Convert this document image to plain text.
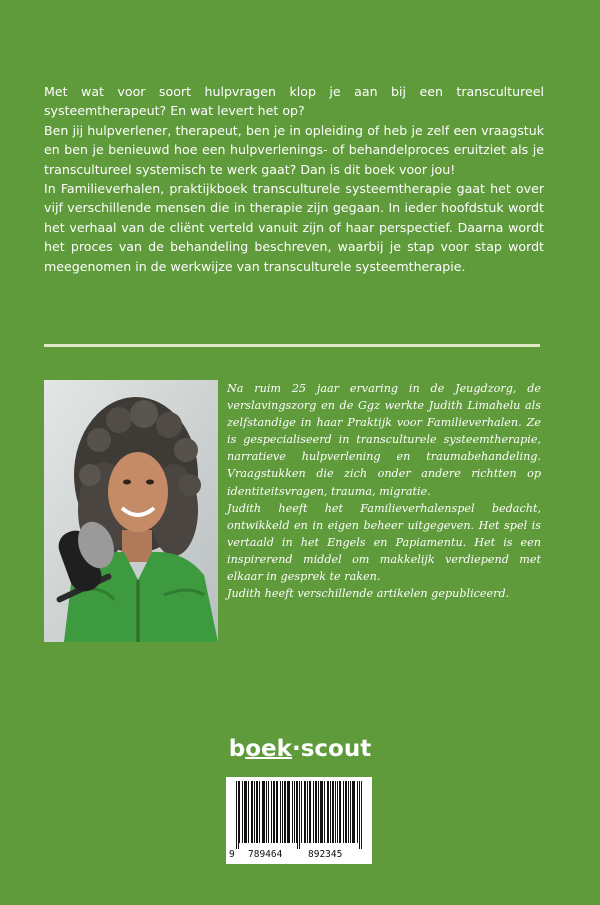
Met wat voor soort hulpvragen klop je aan bij een transcultureel systeemtherapeut? En wat levert het op?

Ben jij hulpverlener, therapeut, ben je in opleiding of heb je zelf een vraagstuk en ben je benieuwd hoe een hulpverlenings- of behandelproces eruitziet als je transcultureel systemisch te werk gaat? Dan is dit boek voor jou!

In Familieverhalen, praktijkboek transculturele systeemtherapie gaat het over vijf verschillende mensen die in therapie zijn gegaan. In ieder hoofdstuk wordt het verhaal van de cliënt verteld vanuit zijn of haar perspectief. Daarna wordt het proces van de behandeling beschreven, waarbij je stap voor stap wordt meegenomen in de werkwijze van transculturele systeemtherapie.

Na ruim 25 jaar ervaring in de Jeugdzorg, de verslavingszorg en de Ggz werkte Judith Limahelu als zelfstandige in haar Praktijk voor Familieverhalen. Ze is gespecialiseerd in transculturele systeemtherapie, narratieve hulpverlening en traumabehandeling. Vraagstukken die zich onder andere richtten op identiteitsvragen, trauma, migratie.

Judith heeft het Familieverhalenspel bedacht, ontwikkeld en in eigen beheer uitgegeven. Het spel is vertaald in het Engels en Papiamentu. Het is een inspirerend middel om makkelijk verdiepend met elkaar in gesprek te raken.

Judith heeft verschillende artikelen gepubliceerd.

boek·scout
9 789464	892345
